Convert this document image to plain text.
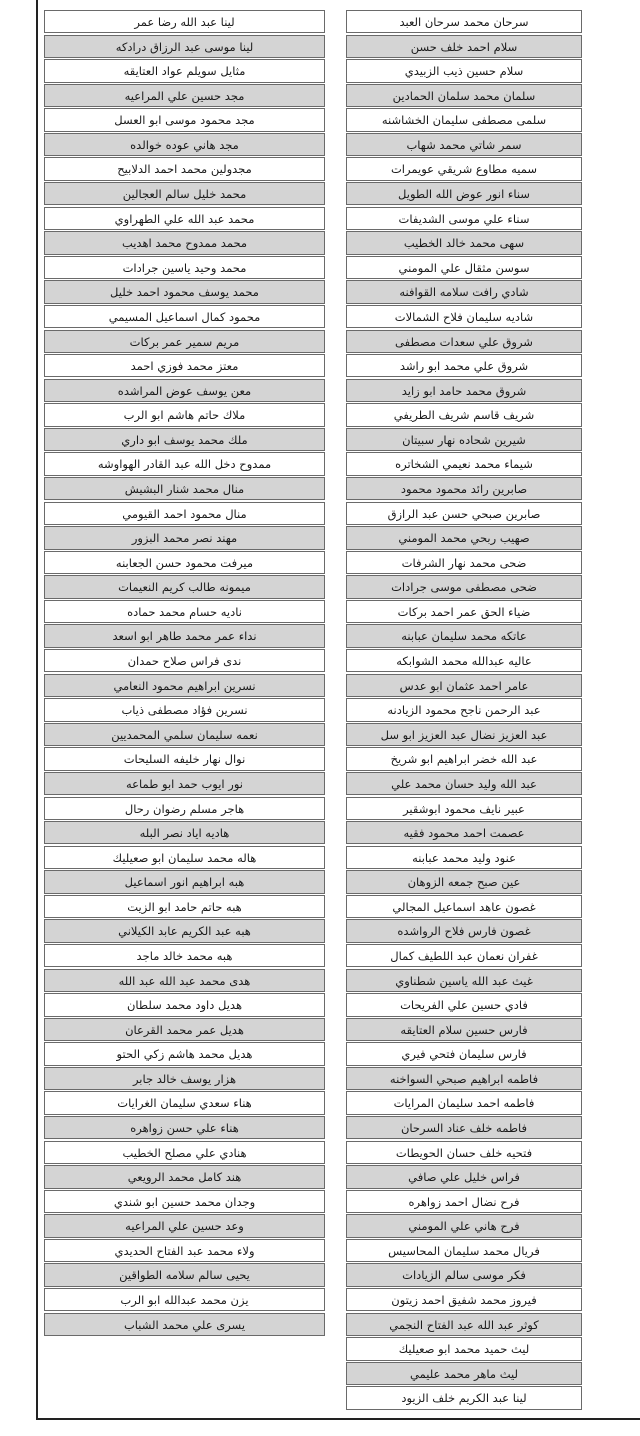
سرحان محمد سرحان العبد
سلام احمد خلف حسن
سلام حسين ذيب الزبيدي
سلمان محمد سلمان الحمادين
سلمى مصطفى سليمان الخشاشنه
سمر شاتي محمد شهاب
سميه مطاوع شريقي عويمرات
سناء انور عوض الله الطويل
سناء علي موسى الشديفات
سهى محمد خالد الخطيب
سوسن مثقال علي المومني
شادي رافت سلامه القوافنه
شاديه سليمان فلاح الشمالات
شروق علي سعدات مصطفى
شروق علي محمد ابو راشد
شروق محمد حامد ابو زايد
شريف قاسم شريف الطريفي
شيرين شحاده نهار سبيتان
شيماء محمد نعيمي الشخاتره
صابرين رائد محمود محمود
صابرين صبحي حسن عبد الرازق
صهيب ربحي محمد المومني
ضحى محمد نهار الشرفات
ضحى مصطفى موسى جرادات
ضياء الحق عمر احمد بركات
عاتكه محمد سليمان عبابنه
عاليه عبدالله محمد الشوابكه
عامر احمد عثمان ابو عدس
عبد الرحمن ناجح محمود الزيادنه
عبد العزيز نضال عبد العزيز ابو سل
عبد الله خضر ابراهيم ابو شريخ
عبد الله وليد حسان محمد علي
عبير نايف محمود ابوشقير
عصمت احمد محمود فقيه
عنود وليد محمد عبابنه
عين صبح جمعه الزوهان
غصون عاهد اسماعيل المجالي
غصون فارس فلاح الرواشده
غفران نعمان عبد اللطيف كمال
غيث عبد الله ياسين شطناوي
فادي حسين علي الفريحات
فارس حسين سلام العتايقه
فارس سليمان فتحي فيري
فاطمه ابراهيم صبحي السواخنه
فاطمه احمد سليمان المرايات
فاطمه خلف عناد السرحان
فتحيه خلف حسان الحويطات
فراس خليل علي صافي
فرح نضال احمد زواهره
فرح هاني علي المومني
فريال محمد سليمان المحاسيس
فكر موسى سالم الزيادات
فيروز محمد شفيق احمد زيتون
كوثر عبد الله عبد الفتاح النجمي
ليث حميد محمد ابو صعيليك
ليث ماهر محمد عليمي
لينا عبد الكريم خلف الزيود
لينا عبد الله رضا عمر
لينا موسى عبد الرزاق درادكه
مثايل سويلم عواد العتايقه
مجد حسين علي المراعيه
مجد محمود موسى ابو العسل
مجد هاني عوده خوالده
مجدولين محمد احمد الدلابيح
محمد خليل سالم العجالين
محمد عبد الله علي الطهراوي
محمد ممدوح محمد اهديب
محمد وحيد ياسين جرادات
محمد يوسف محمود احمد خليل
محمود كمال اسماعيل المسيمي
مريم سمير عمر بركات
معتز محمد فوزي احمد
معن يوسف عوض المراشده
ملاك حاتم هاشم ابو الرب
ملك محمد يوسف ابو داري
ممدوح دخل الله عبد القادر الهواوشه
منال محمد شنار البشيش
منال محمود احمد القيومي
مهند نصر محمد البزور
ميرفت محمود حسن الجعابنه
ميمونه طالب كريم النعيمات
ناديه حسام محمد حماده
نداء عمر محمد طاهر ابو اسعد
ندى فراس صلاح حمدان
نسرين ابراهيم محمود النعامي
نسرين فؤاد مصطفى ذياب
نعمه سليمان سلمي المحمديين
نوال نهار خليفه السليحات
نور ايوب حمد ابو طماعه
هاجر مسلم رضوان رحال
هاديه اياد نصر البله
هاله محمد سليمان ابو صعيليك
هبه ابراهيم انور اسماعيل
هبه حاتم حامد ابو الزيت
هبه عبد الكريم عابد الكيلاني
هبه محمد خالد ماجد
هدى محمد عبد الله عبد الله
هديل داود محمد سلطان
هديل عمر محمد القرعان
هديل محمد هاشم زكي الحتو
هزار يوسف خالد جابر
هناء سعدي سليمان الغرايات
هناء علي حسن زواهره
هنادي علي مصلح الخطيب
هند كامل محمد الرويعي
وجدان محمد حسين ابو شندي
وعد حسين علي المراعيه
ولاء محمد عبد الفتاح الحديدي
يحيى سالم سلامه الطواقين
يزن محمد عبدالله ابو الرب
يسرى علي محمد الشباب
